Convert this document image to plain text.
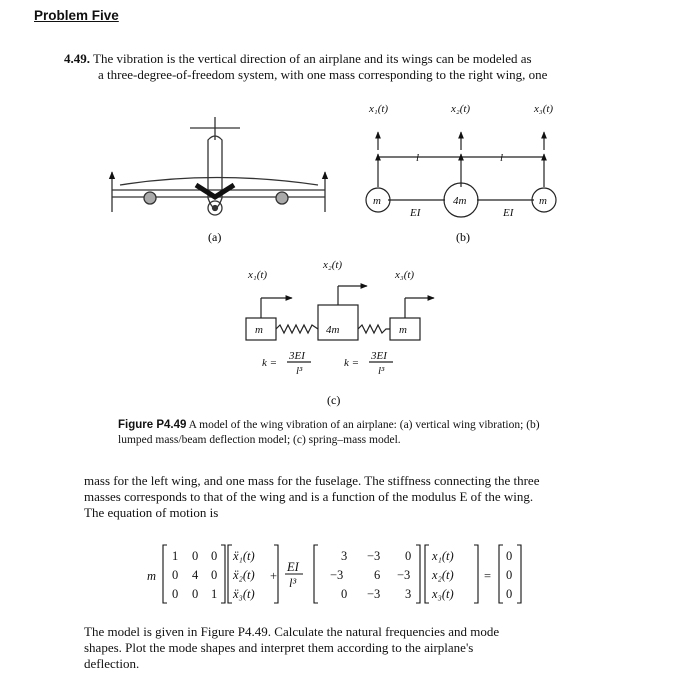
Problem Five
4.49. The vibration is the vertical direction of an airplane and its wings can be modeled as
a three-degree-of-freedom system, with one mass corresponding to the right wing, one
(a)
x₁(t)	x₂(t)	x₃(t)
l	l
m	4m	m
EI	EI
(b)
x₁(t)
x₂(t)
x₃(t)
m	4m	m
k =
3EI
l³
k =
3EI
l³
(c)
m
1 0 0
0 4 0
0 0 1
ẍ₁(t)
ẍ₂(t)
ẍ₃(t)
+
EI
l³
3 −3 0
−3 6 −3
0 −3 3
x₁(t)
x₂(t)
x₃(t)
=
0
0
0
Figure P4.49 A model of the wing vibration of an airplane: (a) vertical wing vibration; (b) lumped mass/beam deflection model; (c) spring–mass model.
mass for the left wing, and one mass for the fuselage. The stiffness connecting the three
masses corresponds to that of the wing and is a function of the modulus E of the wing.
The equation of motion is
The model is given in Figure P4.49. Calculate the natural frequencies and mode
shapes. Plot the mode shapes and interpret them according to the airplane's
deflection.
